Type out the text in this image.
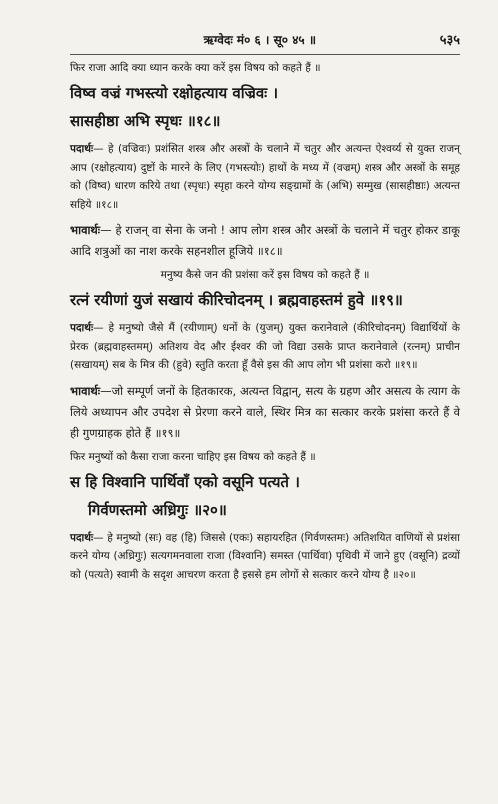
ऋग्वेदः मं० ६ । सू० ४५ ॥	५३५
फिर राजा आदि क्या ध्यान करके क्या करें इस विषय को कहते हैं ॥
विष्व वज्रं गभस्त्यो रक्षोहत्याय वज्रिवः ।
सासहीष्ठा अभि स्पृधः ॥१८॥
पदार्थः— हे (वज्रिवः) प्रशंसित शस्त्र और अस्त्रों के चलाने में चतुर और अत्यन्त ऐश्वर्य्य से युक्त राजन् आप (रक्षोहत्याय) दुष्टों के मारने के लिए (गभस्त्योः) हाथों के मध्य में (वज्रम्) शस्त्र और अस्त्रों के समूह को (विष्व) धारण करिये तथा (स्पृधः) स्पृहा करने योग्य सङ्ग्रामों के (अभि) सम्मुख (सासहीष्ठाः) अत्यन्त सहिये ॥१८॥
भावार्थः— हे राजन् वा सेना के जनो ! आप लोग शस्त्र और अस्त्रों के चलाने में चतुर होकर डाकू आदि शत्रुओं का नाश करके सहनशील हूजिये ॥१८॥
मनुष्य कैसे जन की प्रशंसा करें इस विषय को कहते हैं ॥
रत्नं रयीणां युजं सखायं कीरिचोदनम् । ब्रह्मवाहस्तमं हुवे ॥१९॥
पदार्थः— हे मनुष्यो जैसे मैं (रयीणाम्) धनों के (युजम्) युक्त करानेवाले (कीरिचोदनम्) विद्यार्थियों के प्रेरक (ब्रह्मवाहस्तमम्) अतिशय वेद और ईश्वर की जो विद्या उसके प्राप्त करानेवाले (रत्नम्) प्राचीन (सखायम्) सब के मित्र की (हुवे) स्तुति करता हूँ वैसे इस की आप लोग भी प्रशंसा करो ॥१९॥
भावार्थः—जो सम्पूर्ण जनों के हितकारक, अत्यन्त विद्वान्, सत्य के ग्रहण और असत्य के त्याग के लिये अध्यापन और उपदेश से प्रेरणा करने वाले, स्थिर मित्र का सत्कार करके प्रशंसा करते हैं वे ही गुणग्राहक होते हैं ॥१९॥
फिर मनुष्यों को कैसा राजा करना चाहिए इस विषय को कहते हैं ॥
स हि विश्वानि पार्थिवाँ एको वसूनि पत्यते ।
गिर्वणस्तमो अध्रिगुः ॥२०॥
पदार्थः— हे मनुष्यो (सः) वह (हि) जिससे (एकः) सहायरहित (गिर्वणस्तमः) अतिशयित वाणियों से प्रशंसा करने योग्य (अध्रिगुः) सत्यगमनवाला राजा (विश्वानि) समस्त (पार्थिवा) पृथिवी में जाने हुए (वसूनि) द्रव्यों को (पत्यते) स्वामी के सदृश आचरण करता है इससे हम लोगों से सत्कार करने योग्य है ॥२०॥
